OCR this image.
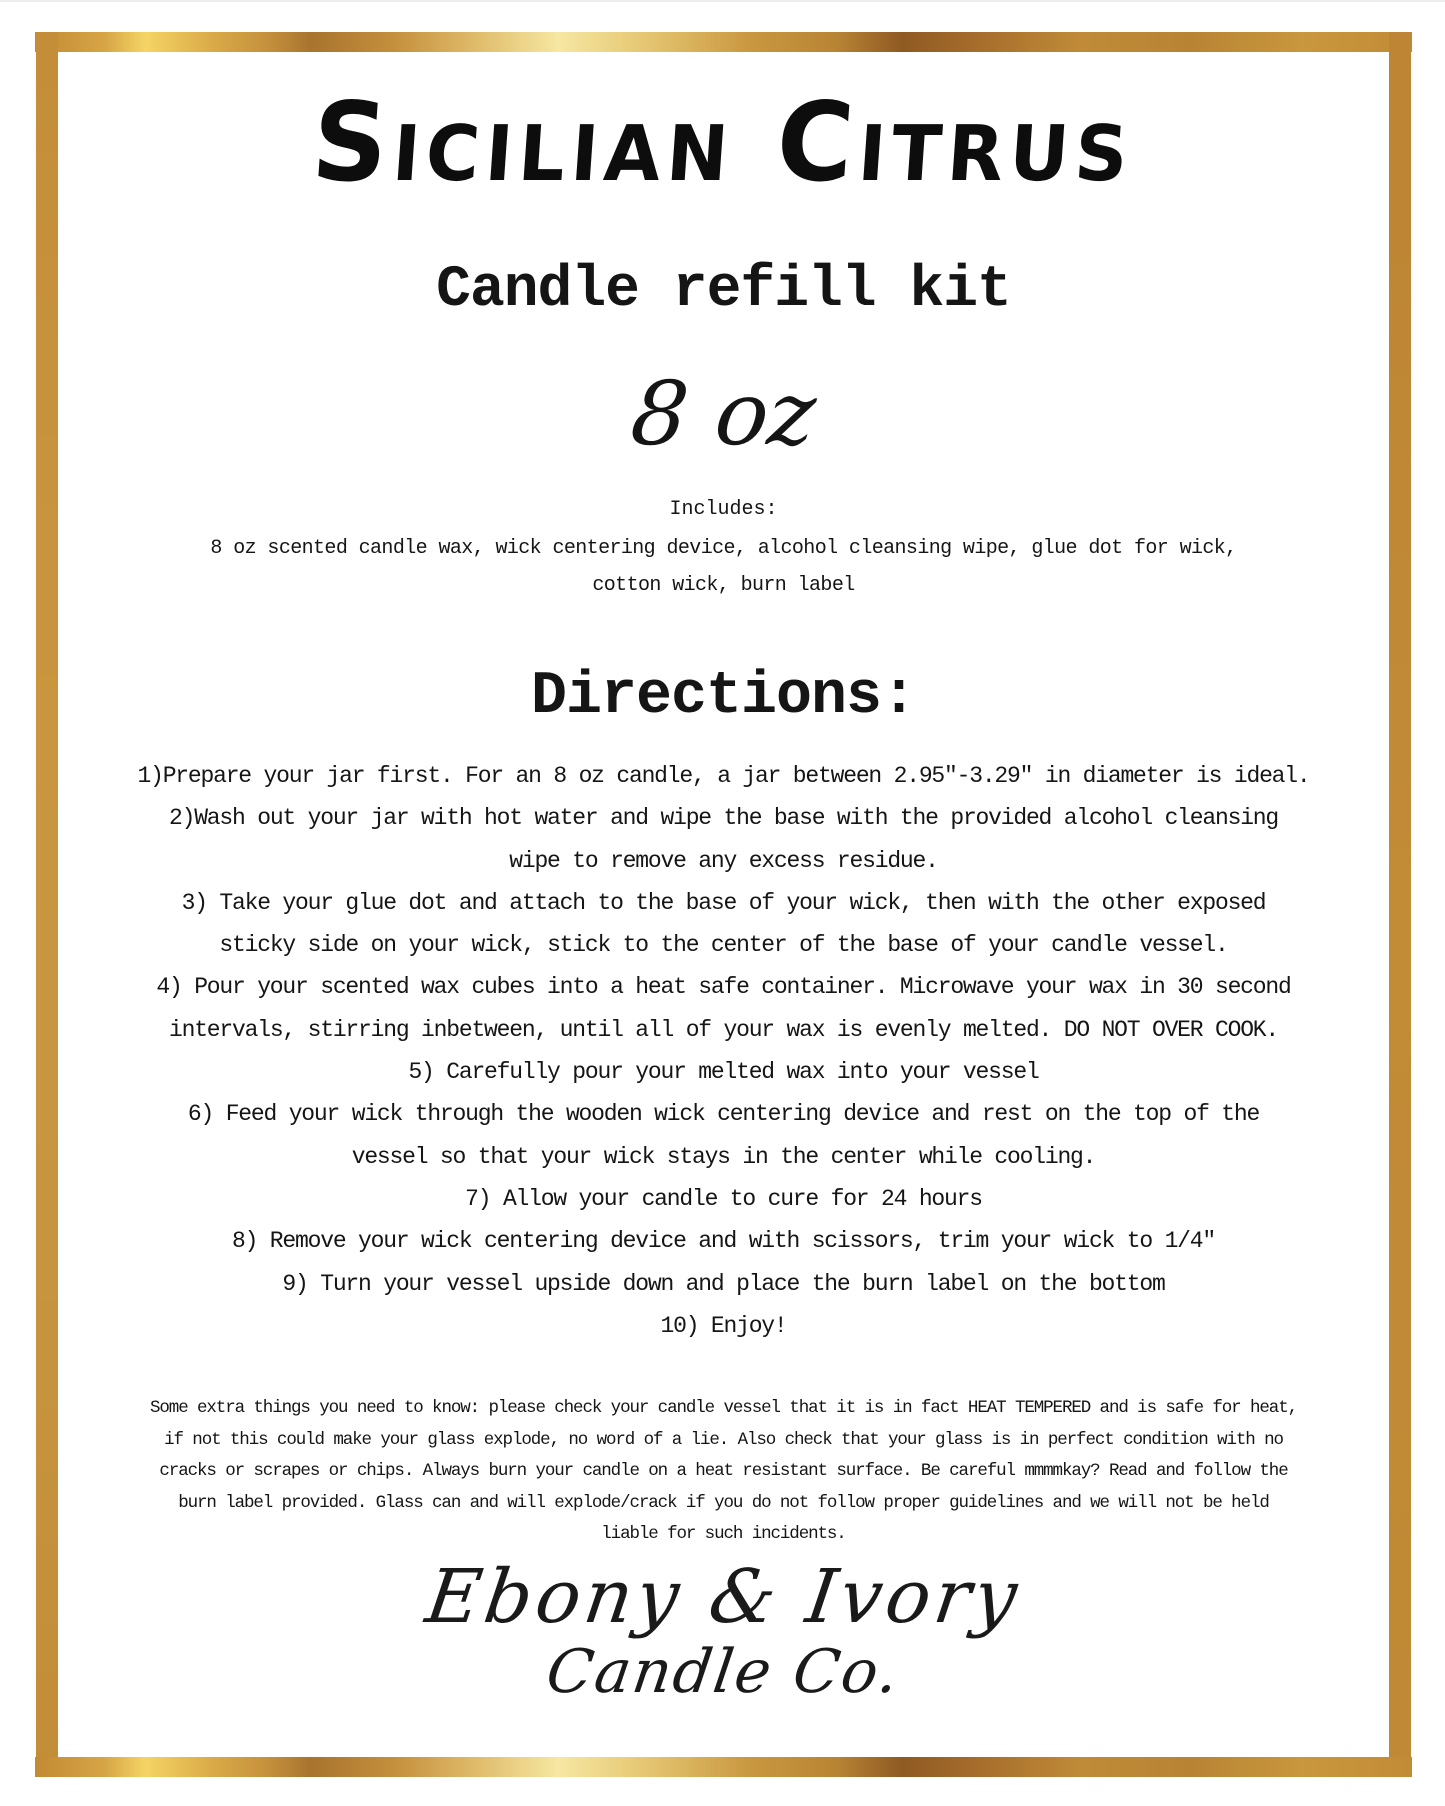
Sicilian Citrus
Candle refill kit
8 oz
Includes:
8 oz scented candle wax, wick centering device, alcohol cleansing wipe, glue dot for wick,
cotton wick, burn label
Directions:
1)Prepare your jar first. For an 8 oz candle, a jar between 2.95"-3.29" in diameter is ideal.
2)Wash out your jar with hot water and wipe the base with the provided alcohol cleansing
wipe to remove any excess residue.
3) Take your glue dot and attach to the base of your wick, then with the other exposed
sticky side on your wick, stick to the center of the base of your candle vessel.
4) Pour your scented wax cubes into a heat safe container. Microwave your wax in 30 second
intervals, stirring inbetween, until all of your wax is evenly melted. DO NOT OVER COOK.
5) Carefully pour your melted wax into your vessel
6) Feed your wick through the wooden wick centering device and rest on the top of the
vessel so that your wick stays in the center while cooling.
7) Allow your candle to cure for 24 hours
8) Remove your wick centering device and with scissors, trim your wick to 1/4"
9) Turn your vessel upside down and place the burn label on the bottom
10) Enjoy!
Some extra things you need to know: please check your candle vessel that it is in fact HEAT TEMPERED and is safe for heat,
if not this could make your glass explode, no word of a lie. Also check that your glass is in perfect condition with no
cracks or scrapes or chips. Always burn your candle on a heat resistant surface. Be careful mmmmkay? Read and follow the
burn label provided. Glass can and will explode/crack if you do not follow proper guidelines and we will not be held
liable for such incidents.
Ebony & Ivory
Candle Co.
